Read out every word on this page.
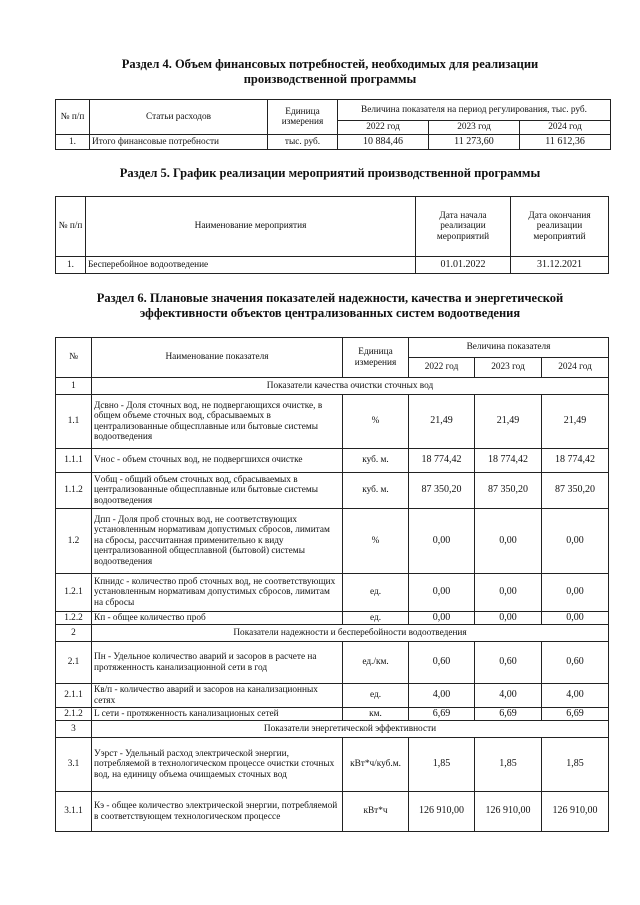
Раздел 4. Объем финансовых потребностей, необходимых для реализации
производственной программы
№ п/п	Статьи расходов	Единица измерения	Величина показателя на период регулирования, тыс. руб.		
			2022 год	2023 год	2024 год
1.	Итого финансовые потребности	тыс. руб.	10 884,46	11 273,60	11 612,36
Раздел 5. График реализации мероприятий производственной программы
№ п/п	Наименование мероприятия	Дата начала реализации мероприятий	Дата окончания реализации мероприятий
1.	Бесперебойное водоотведение	01.01.2022	31.12.2021
Раздел 6. Плановые значения показателей надежности, качества и энергетической
эффективности объектов централизованных систем водоотведения
№	Наименование показателя	Единица измерения	Величина показателя		
			2022 год	2023 год	2024 год
1	Показатели качества очистки сточных вод				
1.1	Дсвно - Доля сточных вод, не подвергающихся очистке, в общем объеме сточных вод, сбрасываемых в централизованные общесплавные или бытовые системы водоотведения	%	21,49	21,49	21,49
1.1.1	Vнос - объем сточных вод, не подвергшихся очистке	куб. м.	18 774,42	18 774,42	18 774,42
1.1.2	Vобщ - общий объем сточных вод, сбрасываемых в централизованные общесплавные или бытовые системы водоотведения	куб. м.	87 350,20	87 350,20	87 350,20
1.2	Дпп - Доля проб сточных вод, не соответствующих установленным нормативам допустимых сбросов, лимитам на сбросы, рассчитанная применительно к виду централизованной общесплавной (бытовой) системы водоотведения	%	0,00	0,00	0,00
1.2.1	Кпнидс - количество проб сточных вод, не соответствующих установленным нормативам допустимых сбросов, лимитам на сбросы	ед.	0,00	0,00	0,00
1.2.2	Кп - общее количество проб	ед.	0,00	0,00	0,00
2	Показатели надежности и бесперебойности водоотведения				
2.1	Пн - Удельное количество аварий и засоров в расчете на протяженность канализационной сети в год	ед./км.	0,60	0,60	0,60
2.1.1	Кв/п - количество аварий и засоров на канализационных сетях	ед.	4,00	4,00	4,00
2.1.2	L сети - протяженность канализационых сетей	км.	6,69	6,69	6,69
3	Показатели энергетической эффективности				
3.1	Уэрст - Удельный расход электрической энергии, потребляемой в технологическом процессе очистки сточных вод, на единицу объема очищаемых сточных вод	кВт*ч/куб.м.	1,85	1,85	1,85
3.1.1	Кэ - общее количество электрической энергии, потребляемой в соответствующем технологическом процессе	кВт*ч	126 910,00	126 910,00	126 910,00
